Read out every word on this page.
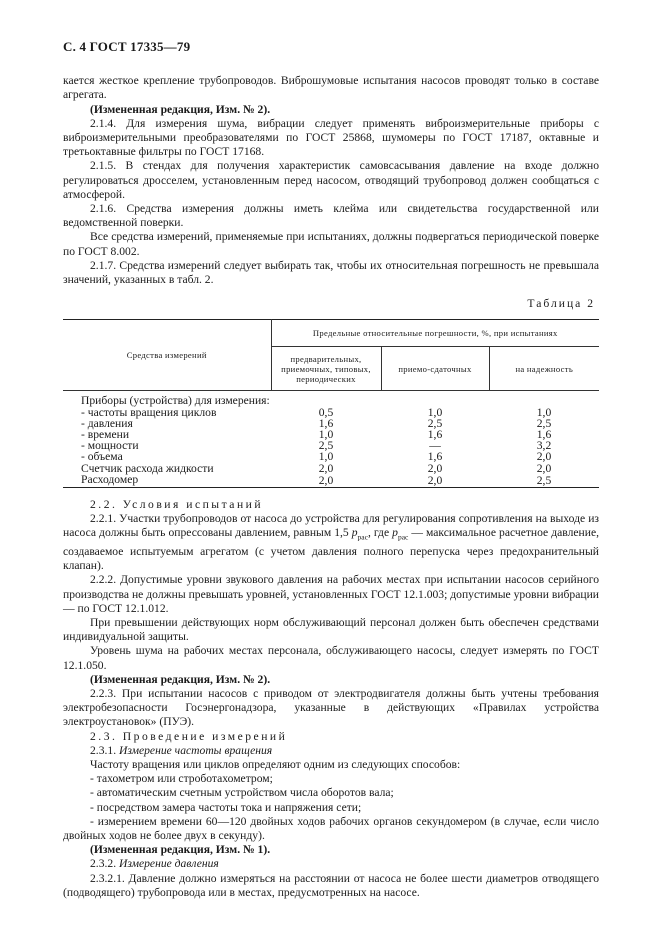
С. 4 ГОСТ 17335—79

кается жесткое крепление трубопроводов. Виброшумовые испытания насосов проводят только в составе агрегата.

(Измененная редакция, Изм. № 2).

2.1.4. Для измерения шума, вибрации следует применять виброизмерительные приборы с виброизмерительными преобразователями по ГОСТ 25868, шумомеры по ГОСТ 17187, октавные и третьоктавные фильтры по ГОСТ 17168.

2.1.5. В стендах для получения характеристик самовсасывания давление на входе должно регулироваться дросселем, установленным перед насосом, отводящий трубопровод должен сообщаться с атмосферой.

2.1.6. Средства измерения должны иметь клейма или свидетельства государственной или ведомственной поверки.

Все средства измерений, применяемые при испытаниях, должны подвергаться периодической поверке по ГОСТ 8.002.

2.1.7. Средства измерений следует выбирать так, чтобы их относительная погрешность не превышала значений, указанных в табл. 2.

Таблица 2
Средства измерений	Предельные относительные погрешности, %, при испытаниях		
	предварительных, приемочных, типовых, периодических	приемо-сдаточных	на надежность
Приборы (устройства) для измерения:			
- частоты вращения циклов	0,5	1,0	1,0
- давления	1,6	2,5	2,5
- времени	1,0	1,6	1,6
- мощности	2,5	—	3,2
- объема	1,0	1,6	2,0
Счетчик расхода жидкости	2,0	2,0	2,0
Расходомер	2,0	2,0	2,5

2.2. Условия испытаний

2.2.1. Участки трубопроводов от насоса до устройства для регулирования сопротивления на выходе из насоса должны быть опрессованы давлением, равным 1,5 $p_{рас}$, где $p_{рас}$ — максимальное расчетное давление, создаваемое испытуемым агрегатом (с учетом давления полного перепуска через предохранительный клапан).

2.2.2. Допустимые уровни звукового давления на рабочих местах при испытании насосов серийного производства не должны превышать уровней, установленных ГОСТ 12.1.003; допустимые уровни вибрации — по ГОСТ 12.1.012.

При превышении действующих норм обслуживающий персонал должен быть обеспечен средствами индивидуальной защиты.

Уровень шума на рабочих местах персонала, обслуживающего насосы, следует измерять по ГОСТ 12.1.050.

(Измененная редакция, Изм. № 2).

2.2.3. При испытании насосов с приводом от электродвигателя должны быть учтены требования электробезопасности Госэнергонадзора, указанные в действующих «Правилах устройства электроустановок» (ПУЭ).

2.3. Проведение измерений

2.3.1. Измерение частоты вращения

Частоту вращения или циклов определяют одним из следующих способов:

- тахометром или строботахометром;

- автоматическим счетным устройством числа оборотов вала;

- посредством замера частоты тока и напряжения сети;

- измерением времени 60—120 двойных ходов рабочих органов секундомером (в случае, если число двойных ходов не более двух в секунду).

(Измененная редакция, Изм. № 1).

2.3.2. Измерение давления

2.3.2.1. Давление должно измеряться на расстоянии от насоса не более шести диаметров отводящего (подводящего) трубопровода или в местах, предусмотренных на насосе.
